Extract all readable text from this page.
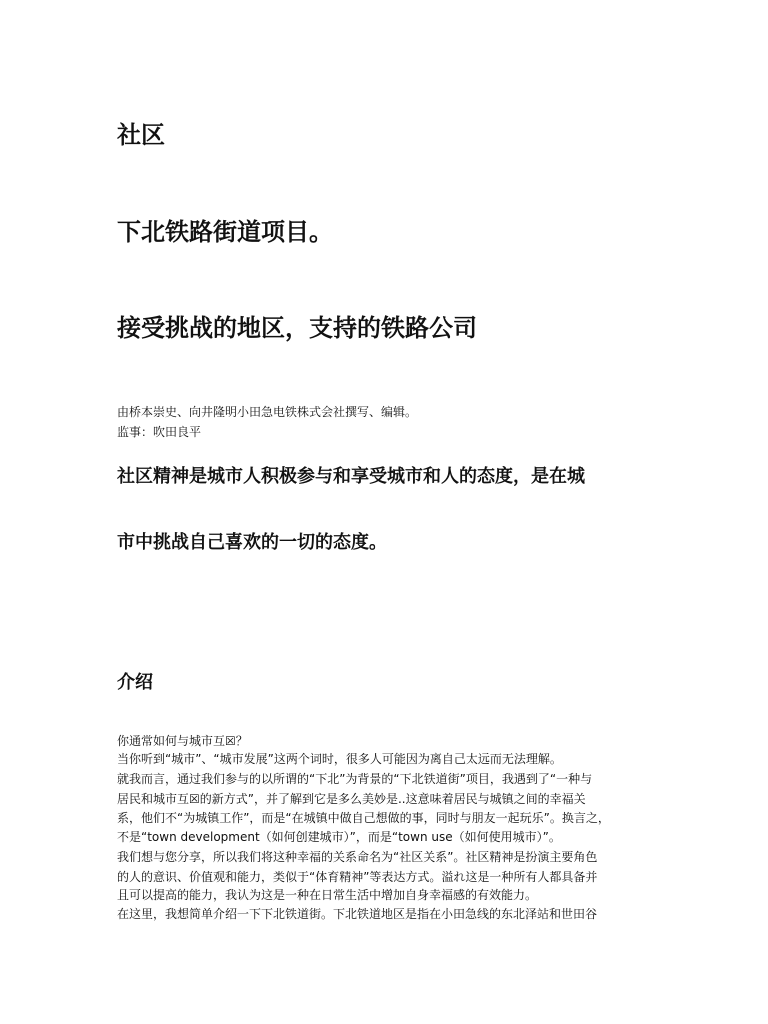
社区
下北铁路街道项目。
接受挑战的地区，支持的铁路公司

由桥本崇史、向井隆明小田急电铁株式会社撰写、编辑。

监事：吹田良平

社区精神是城市人积极参与和享受城市和人的态度，是在城

市中挑战自己喜欢的一切的态度。

介绍

你通常如何与城市互☒？

当你听到“城市”、“城市发展”这两个词时，很多人可能因为离自己太远而无法理解。

就我而言，通过我们参与的以所谓的“下北”为背景的“下北铁道街”项目，我遇到了“一种与

居民和城市互☒的新方式”，并了解到它是多么美妙是..这意味着居民与城镇之间的幸福关

系，他们不“为城镇工作”，而是“在城镇中做自己想做的事，同时与朋友一起玩乐”。换言之，

不是“town development（如何创建城市）”，而是“town use（如何使用城市）”。

我们想与您分享，所以我们将这种幸福的关系命名为“社区关系”。社区精神是扮演主要角色

的人的意识、价值观和能力，类似于“体育精神”等表达方式。溢れ这是一种所有人都具备并

且可以提高的能力，我认为这是一种在日常生活中增加自身幸福感的有效能力。

在这里，我想简单介绍一下下北铁道街。下北铁道地区是指在小田急线的东北泽站和世田谷
